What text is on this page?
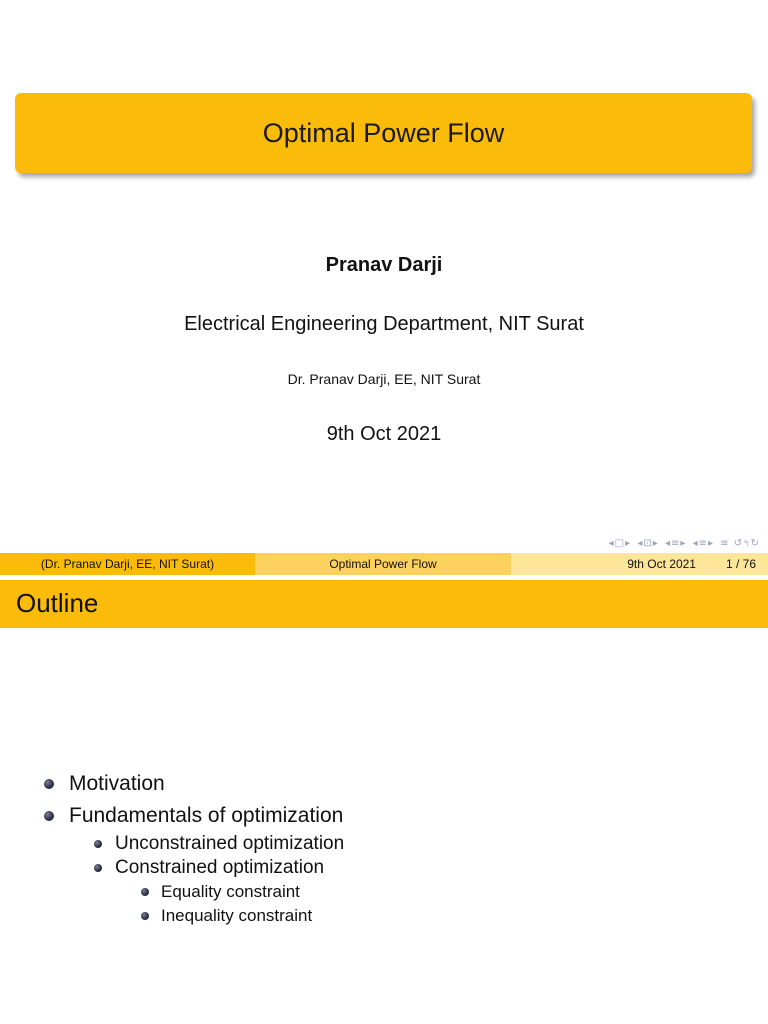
Optimal Power Flow
Pranav Darji
Electrical Engineering Department, NIT Surat
Dr. Pranav Darji, EE, NIT Surat
9th Oct 2021
◂□▸ ◂⊡▸ ◂≡▸ ◂≡▸ ≡ ↺৭↻
(Dr. Pranav Darji, EE, NIT Surat)	Optimal Power Flow	9th Oct 2021	1 / 76
Outline
Motivation
Fundamentals of optimization
Unconstrained optimization
Constrained optimization
Equality constraint
Inequality constraint
